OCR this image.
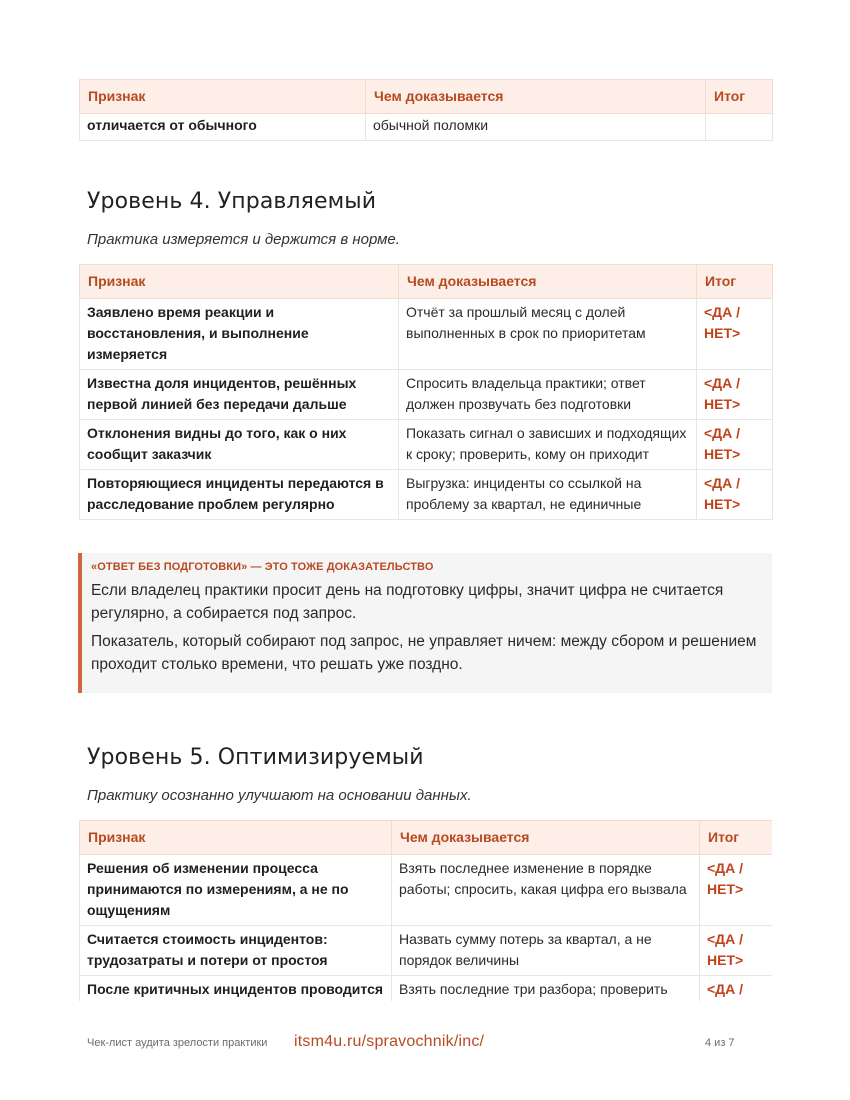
Признак	Чем доказывается	Итог
отличается от обычного	обычной поломки	
Уровень 4. Управляемый
Практика измеряется и держится в норме.
Признак	Чем доказывается	Итог
Заявлено время реакции и восстановления, и выполнение измеряется	Отчёт за прошлый месяц с долей выполненных в срок по приоритетам	<ДА / НЕТ>
Известна доля инцидентов, решённых первой линией без передачи дальше	Спросить владельца практики; ответ должен прозвучать без подготовки	<ДА / НЕТ>
Отклонения видны до того, как о них сообщит заказчик	Показать сигнал о зависших и подходящих к сроку; проверить, кому он приходит	<ДА / НЕТ>
Повторяющиеся инциденты передаются в расследование проблем регулярно	Выгрузка: инциденты со ссылкой на проблему за квартал, не единичные	<ДА / НЕТ>
«ОТВЕТ БЕЗ ПОДГОТОВКИ» — ЭТО ТОЖЕ ДОКАЗАТЕЛЬСТВО

Если владелец практики просит день на подготовку цифры, значит цифра не считается регулярно, а собирается под запрос.

Показатель, который собирают под запрос, не управляет ничем: между сбором и решением проходит столько времени, что решать уже поздно.

Уровень 5. Оптимизируемый
Практику осознанно улучшают на основании данных.
Признак	Чем доказывается	Итог
Решения об изменении процесса принимаются по измерениям, а не по ощущениям	Взять последнее изменение в порядке работы; спросить, какая цифра его вызвала	<ДА / НЕТ>
Считается стоимость инцидентов: трудозатраты и потери от простоя	Назвать сумму потерь за квартал, а не порядок величины	<ДА / НЕТ>
После критичных инцидентов проводится	Взять последние три разбора; проверить	<ДА /
Чек-лист аудита зрелости практики itsm4u.ru/spravochnik/inc/	4 из 7
